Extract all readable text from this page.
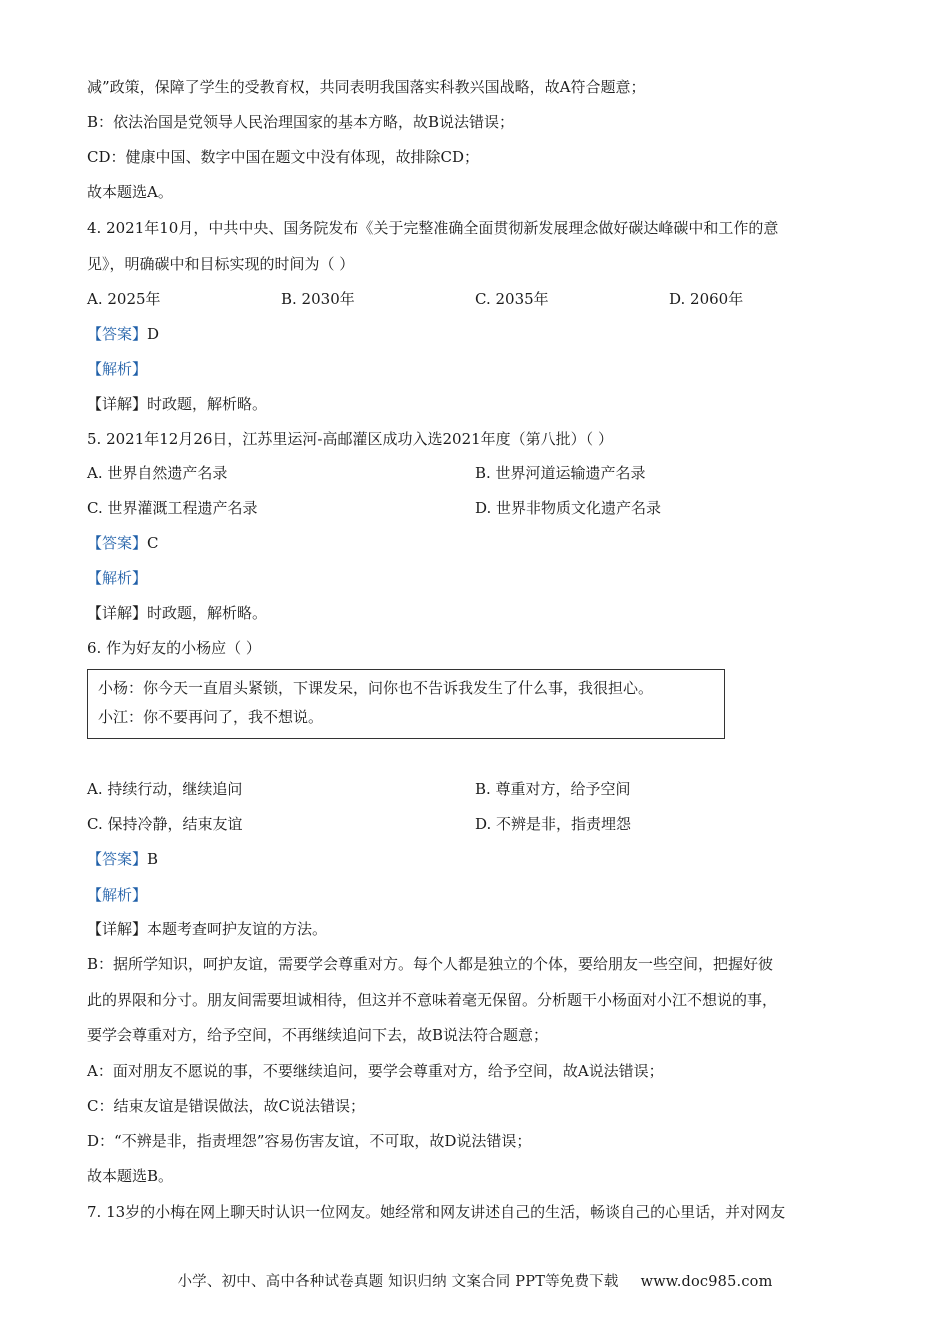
减”政策，保障了学生的受教育权，共同表明我国落实科教兴国战略，故A符合题意；
B：依法治国是党领导人民治理国家的基本方略，故B说法错误；
CD：健康中国、数字中国在题文中没有体现，故排除CD；
故本题选A。
4. 2021年10月，中共中央、国务院发布《关于完整准确全面贯彻新发展理念做好碳达峰碳中和工作的意
见》，明确碳中和目标实现的时间为（ ）
A. 2025年	B. 2030年	C. 2035年	D. 2060年
【答案】D
【解析】
【详解】时政题，解析略。
5. 2021年12月26日，江苏里运河-高邮灌区成功入选2021年度（第八批）（ ）
A. 世界自然遗产名录	B. 世界河道运输遗产名录
C. 世界灌溉工程遗产名录	D. 世界非物质文化遗产名录
【答案】C
【解析】
【详解】时政题，解析略。
6. 作为好友的小杨应（ ）
小杨：你今天一直眉头紧锁，下课发呆，问你也不告诉我发生了什么事，我很担心。
小江：你不要再问了，我不想说。
A. 持续行动，继续追问	B. 尊重对方，给予空间
C. 保持冷静，结束友谊	D. 不辨是非，指责埋怨
【答案】B
【解析】
【详解】本题考查呵护友谊的方法。
B：据所学知识，呵护友谊，需要学会尊重对方。每个人都是独立的个体，要给朋友一些空间，把握好彼
此的界限和分寸。朋友间需要坦诚相待，但这并不意味着毫无保留。分析题干小杨面对小江不想说的事，
要学会尊重对方，给予空间，不再继续追问下去，故B说法符合题意；
A：面对朋友不愿说的事，不要继续追问，要学会尊重对方，给予空间，故A说法错误；
C：结束友谊是错误做法，故C说法错误；
D：“不辨是非，指责埋怨”容易伤害友谊，不可取，故D说法错误；
故本题选B。
7. 13岁的小梅在网上聊天时认识一位网友。她经常和网友讲述自己的生活，畅谈自己的心里话，并对网友
小学、初中、高中各种试卷真题 知识归纳 文案合同 PPT等免费下载 www.doc985.com
